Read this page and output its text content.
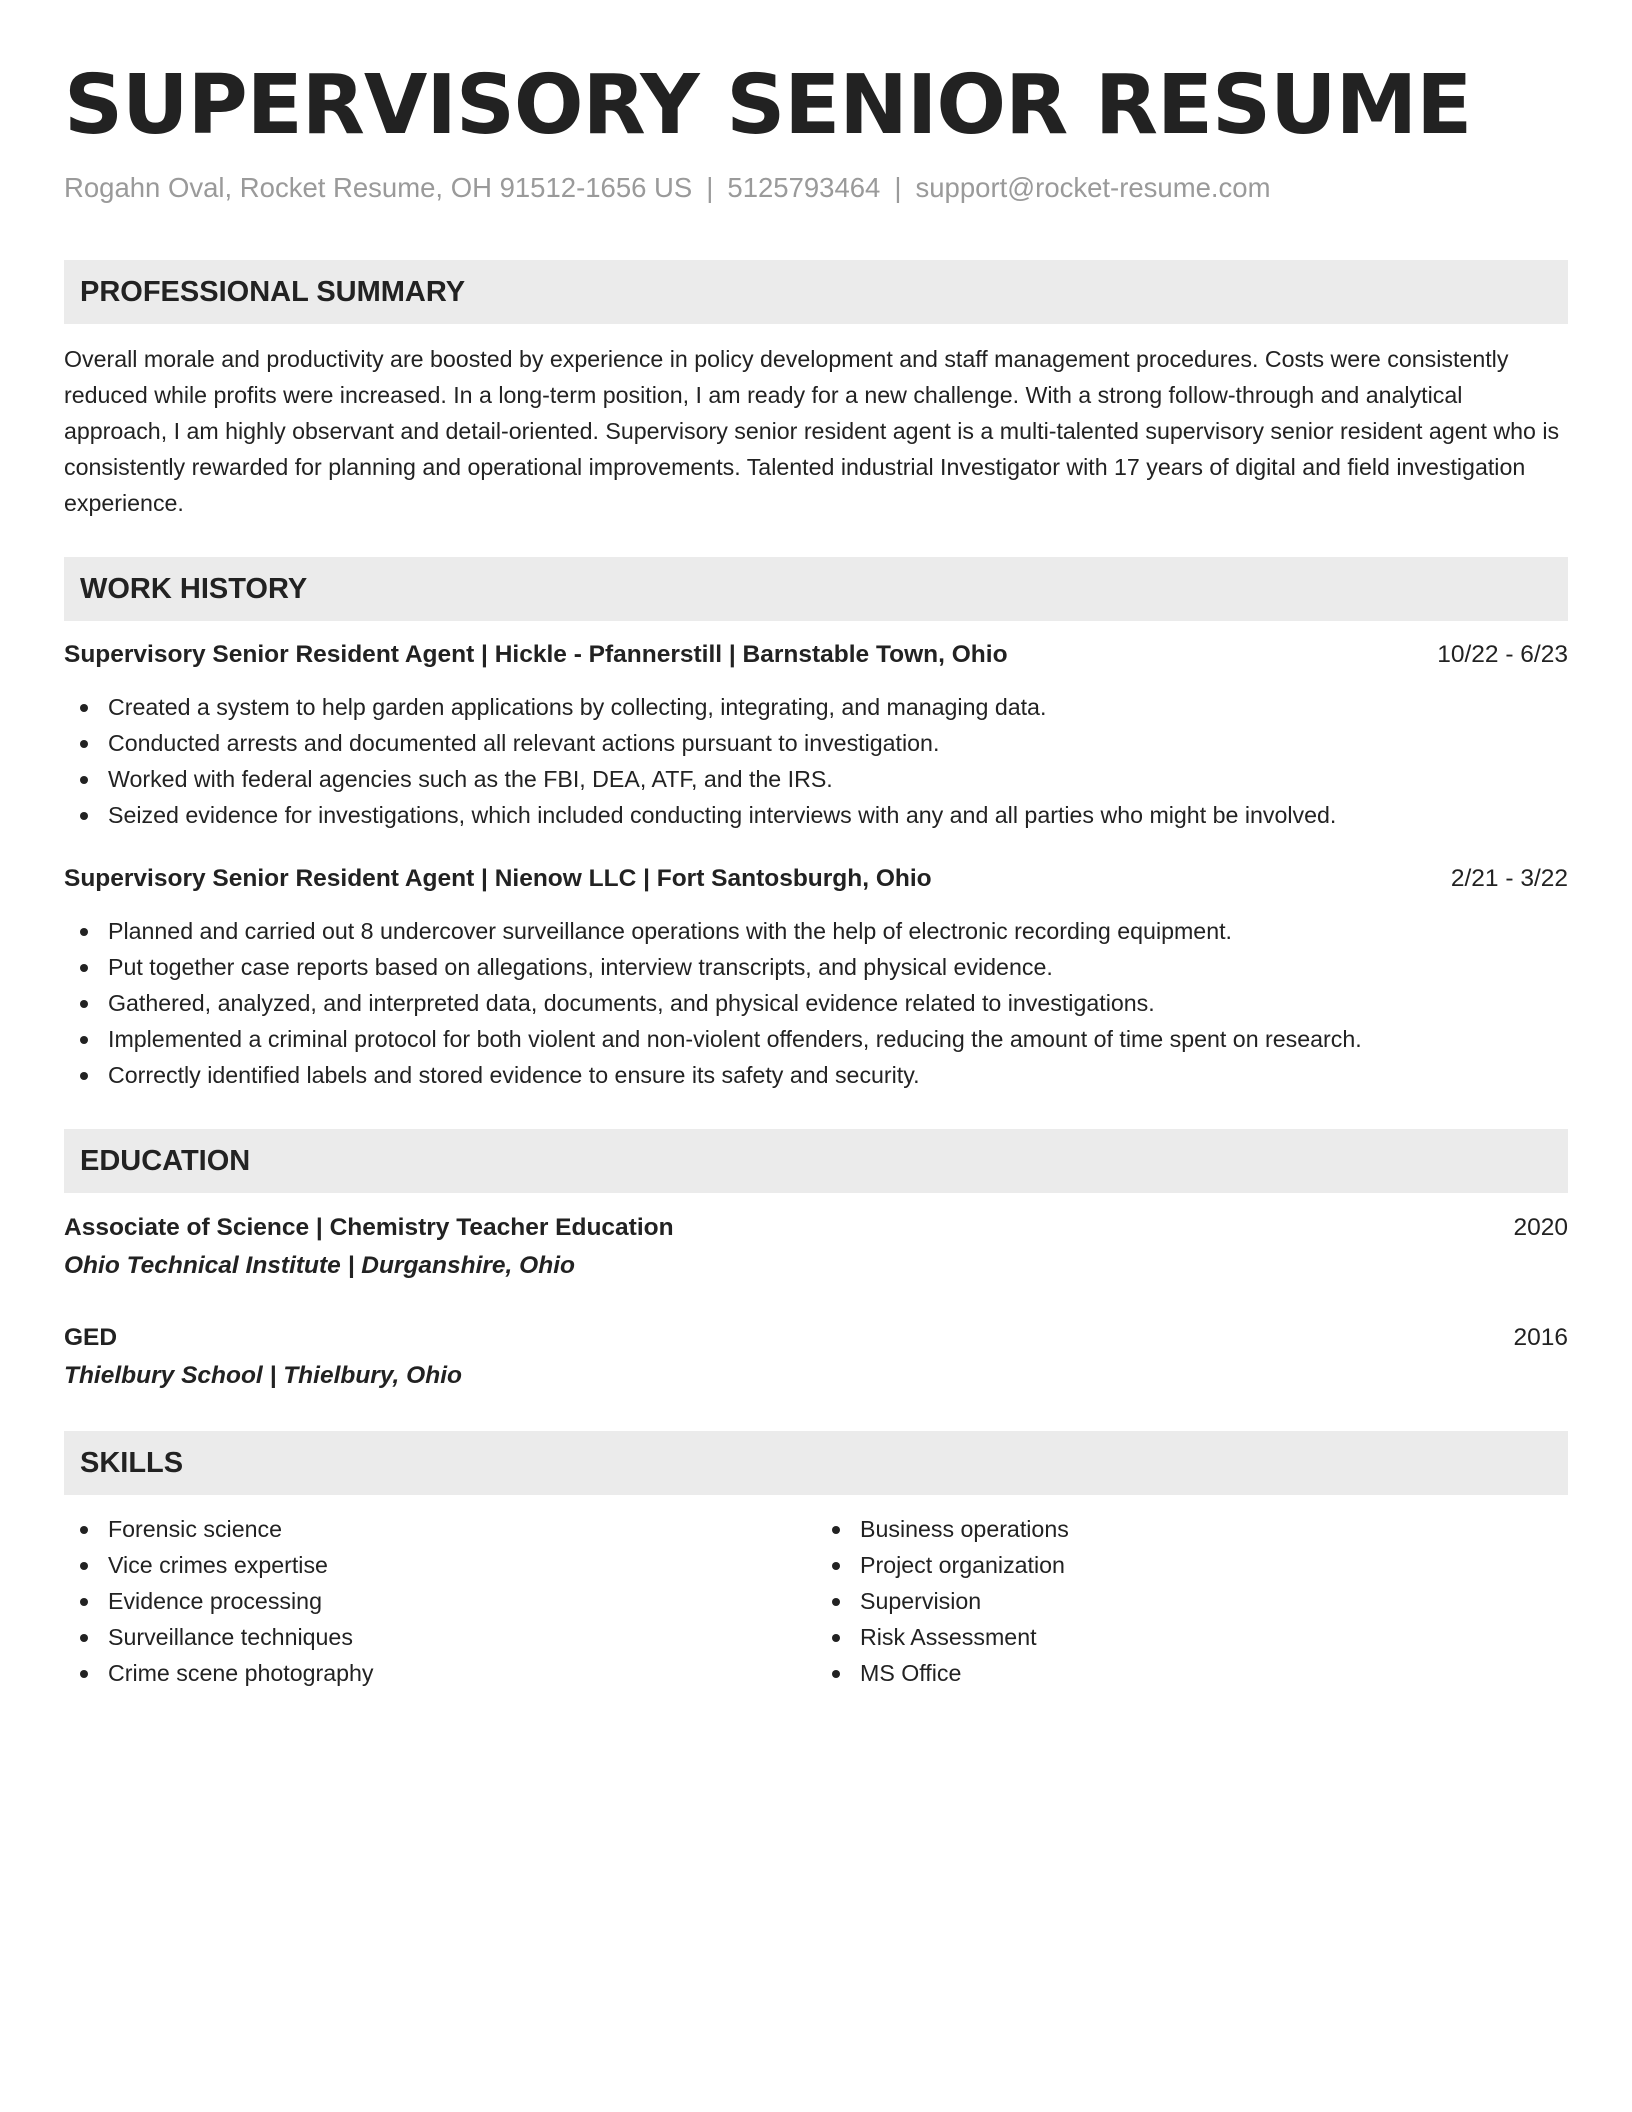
SUPERVISORY SENIOR RESUME
Rogahn Oval, Rocket Resume, OH 91512-1656 US | 5125793464 | support@rocket-resume.com
PROFESSIONAL SUMMARY

Overall morale and productivity are boosted by experience in policy development and staff management procedures. Costs were consistently reduced while profits were increased. In a long-term position, I am ready for a new challenge. With a strong follow-through and analytical approach, I am highly observant and detail-oriented. Supervisory senior resident agent is a multi-talented supervisory senior resident agent who is consistently rewarded for planning and operational improvements. Talented industrial Investigator with 17 years of digital and field investigation experience.

WORK HISTORY
Supervisory Senior Resident Agent | Hickle - Pfannerstill | Barnstable Town, Ohio	10/22 - 6/23
Created a system to help garden applications by collecting, integrating, and managing data.
Conducted arrests and documented all relevant actions pursuant to investigation.
Worked with federal agencies such as the FBI, DEA, ATF, and the IRS.
Seized evidence for investigations, which included conducting interviews with any and all parties who might be involved.
Supervisory Senior Resident Agent | Nienow LLC | Fort Santosburgh, Ohio	2/21 - 3/22
Planned and carried out 8 undercover surveillance operations with the help of electronic recording equipment.
Put together case reports based on allegations, interview transcripts, and physical evidence.
Gathered, analyzed, and interpreted data, documents, and physical evidence related to investigations.
Implemented a criminal protocol for both violent and non-violent offenders, reducing the amount of time spent on research.
Correctly identified labels and stored evidence to ensure its safety and security.
EDUCATION
Associate of Science | Chemistry Teacher Education	2020
Ohio Technical Institute | Durganshire, Ohio
GED	2016
Thielbury School | Thielbury, Ohio
SKILLS
Forensic science
Vice crimes expertise
Evidence processing
Surveillance techniques
Crime scene photography
Business operations
Project organization
Supervision
Risk Assessment
MS Office
